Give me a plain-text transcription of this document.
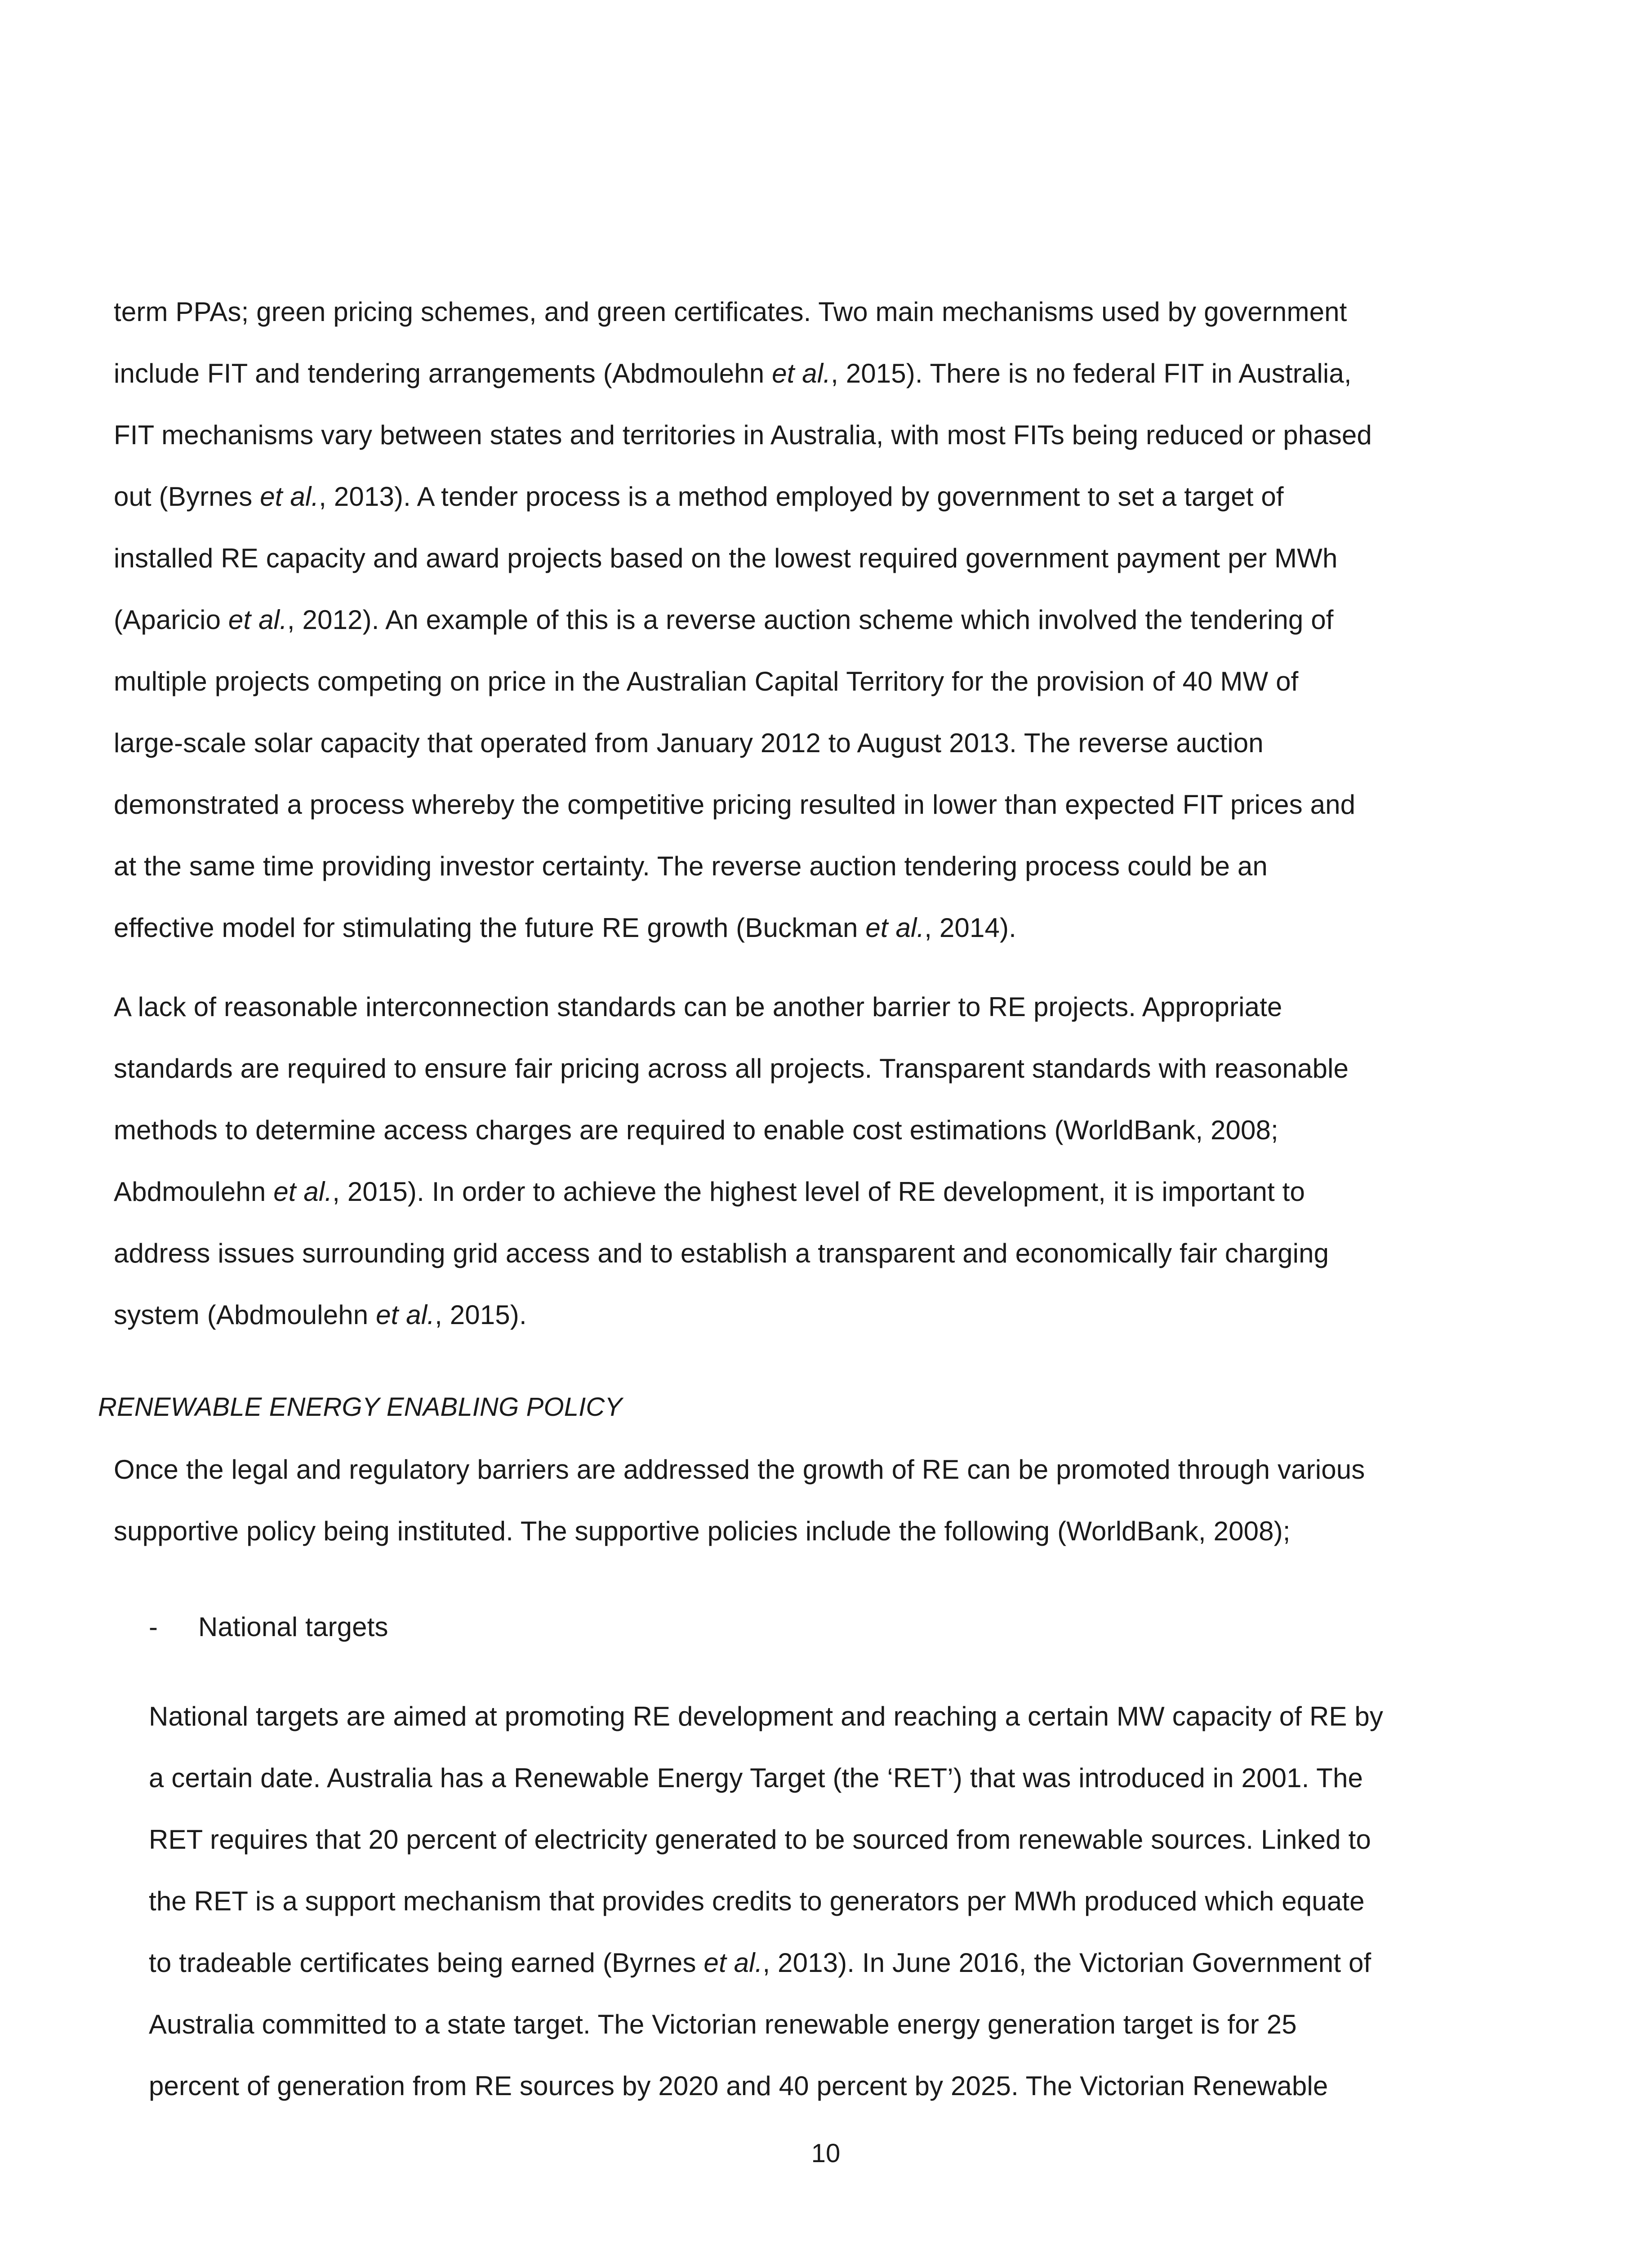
term PPAs; green pricing schemes, and green certificates. Two main mechanisms used by government
include FIT and tendering arrangements (Abdmoulehn et al., 2015). There is no federal FIT in Australia,
FIT mechanisms vary between states and territories in Australia, with most FITs being reduced or phased
out (Byrnes et al., 2013). A tender process is a method employed by government to set a target of
installed RE capacity and award projects based on the lowest required government payment per MWh
(Aparicio et al., 2012). An example of this is a reverse auction scheme which involved the tendering of
multiple projects competing on price in the Australian Capital Territory for the provision of 40 MW of
large-scale solar capacity that operated from January 2012 to August 2013. The reverse auction
demonstrated a process whereby the competitive pricing resulted in lower than expected FIT prices and
at the same time providing investor certainty. The reverse auction tendering process could be an
effective model for stimulating the future RE growth (Buckman et al., 2014).
A lack of reasonable interconnection standards can be another barrier to RE projects. Appropriate
standards are required to ensure fair pricing across all projects. Transparent standards with reasonable
methods to determine access charges are required to enable cost estimations (WorldBank, 2008;
Abdmoulehn et al., 2015). In order to achieve the highest level of RE development, it is important to
address issues surrounding grid access and to establish a transparent and economically fair charging
system (Abdmoulehn et al., 2015).
RENEWABLE ENERGY ENABLING POLICY
Once the legal and regulatory barriers are addressed the growth of RE can be promoted through various
supportive policy being instituted. The supportive policies include the following (WorldBank, 2008);
- National targets
National targets are aimed at promoting RE development and reaching a certain MW capacity of RE by
a certain date. Australia has a Renewable Energy Target (the ‘RET’) that was introduced in 2001. The
RET requires that 20 percent of electricity generated to be sourced from renewable sources. Linked to
the RET is a support mechanism that provides credits to generators per MWh produced which equate
to tradeable certificates being earned (Byrnes et al., 2013). In June 2016, the Victorian Government of
Australia committed to a state target. The Victorian renewable energy generation target is for 25
percent of generation from RE sources by 2020 and 40 percent by 2025. The Victorian Renewable
10
